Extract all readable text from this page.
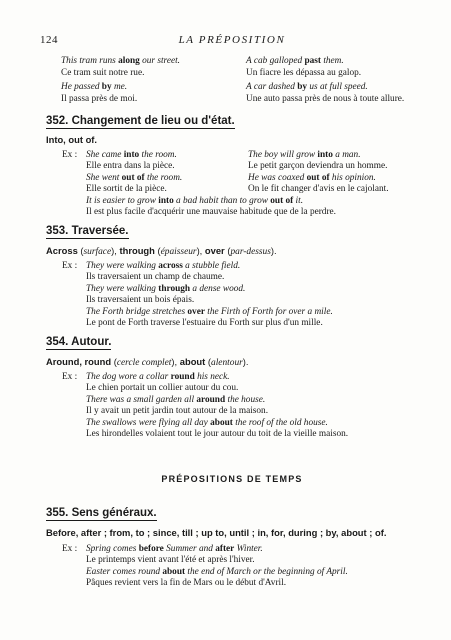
124	LA PRÉPOSITION
This tram runs along our street.
Ce tram suit notre rue.
He passed by me.
Il passa près de moi.
A cab galloped past them.
Un fiacre les dépassa au galop.
A car dashed by us at full speed.
Une auto passa près de nous à toute allure.
352. Changement de lieu ou d'état.
Into, out of.
Ex : She came into the room.
Elle entra dans la pièce.
She went out of the room.
Elle sortit de la pièce.
The boy will grow into a man.
Le petit garçon deviendra un homme.
He was coaxed out of his opinion.
On le fit changer d'avis en le cajolant.
It is easier to grow into a bad habit than to grow out of it.
Il est plus facile d'acquérir une mauvaise habitude que de la perdre.
353. Traversée.
Across (surface), through (épaisseur), over (par-dessus).
Ex : They were walking across a stubble field.
Ils traversaient un champ de chaume.
They were walking through a dense wood.
Ils traversaient un bois épais.
The Forth bridge stretches over the Firth of Forth for over a mile.
Le pont de Forth traverse l'estuaire du Forth sur plus d'un mille.
354. Autour.
Around, round (cercle complet), about (alentour).
Ex : The dog wore a collar round his neck.
Le chien portait un collier autour du cou.
There was a small garden all around the house.
Il y avait un petit jardin tout autour de la maison.
The swallows were flying all day about the roof of the old house.
Les hirondelles volaient tout le jour autour du toit de la vieille maison.
PRÉPOSITIONS DE TEMPS
355. Sens généraux.
Before, after ; from, to ; since, till ; up to, until ; in, for, during ; by, about ; of.
Ex : Spring comes before Summer and after Winter.
Le printemps vient avant l'été et après l'hiver.
Easter comes round about the end of March or the beginning of April.
Pâques revient vers la fin de Mars ou le début d'Avril.
